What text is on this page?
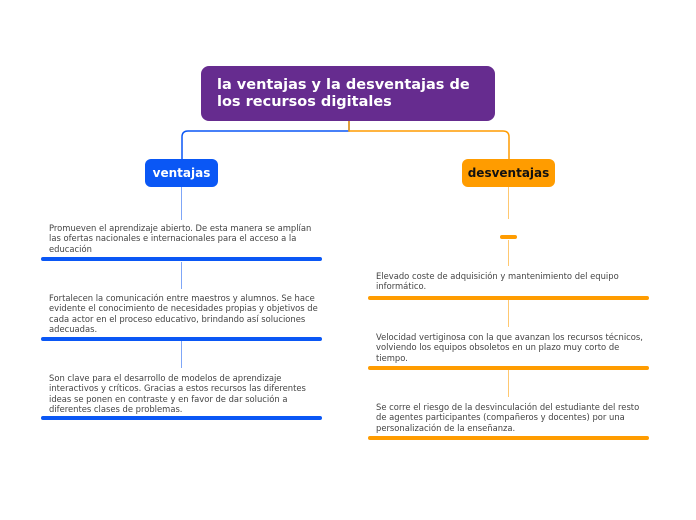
la ventajas y la desventajas de los recursos digitales
ventajas	desventajas
Promueven el aprendizaje abierto. De esta manera se amplían las ofertas nacionales e internacionales para el acceso a la educación
Fortalecen la comunicación entre maestros y alumnos. Se hace evidente el conocimiento de necesidades propias y objetivos de cada actor en el proceso educativo, brindando así soluciones adecuadas.
Son clave para el desarrollo de modelos de aprendizaje interactivos y críticos. Gracias a estos recursos las diferentes ideas se ponen en contraste y en favor de dar solución a diferentes clases de problemas.
Elevado coste de adquisición y mantenimiento del equipo informático.
Velocidad vertiginosa con la que avanzan los recursos técnicos, volviendo los equipos obsoletos en un plazo muy corto de tiempo.
Se corre el riesgo de la desvinculación del estudiante del resto de agentes participantes (compañeros y docentes) por una personalización de la enseñanza.
